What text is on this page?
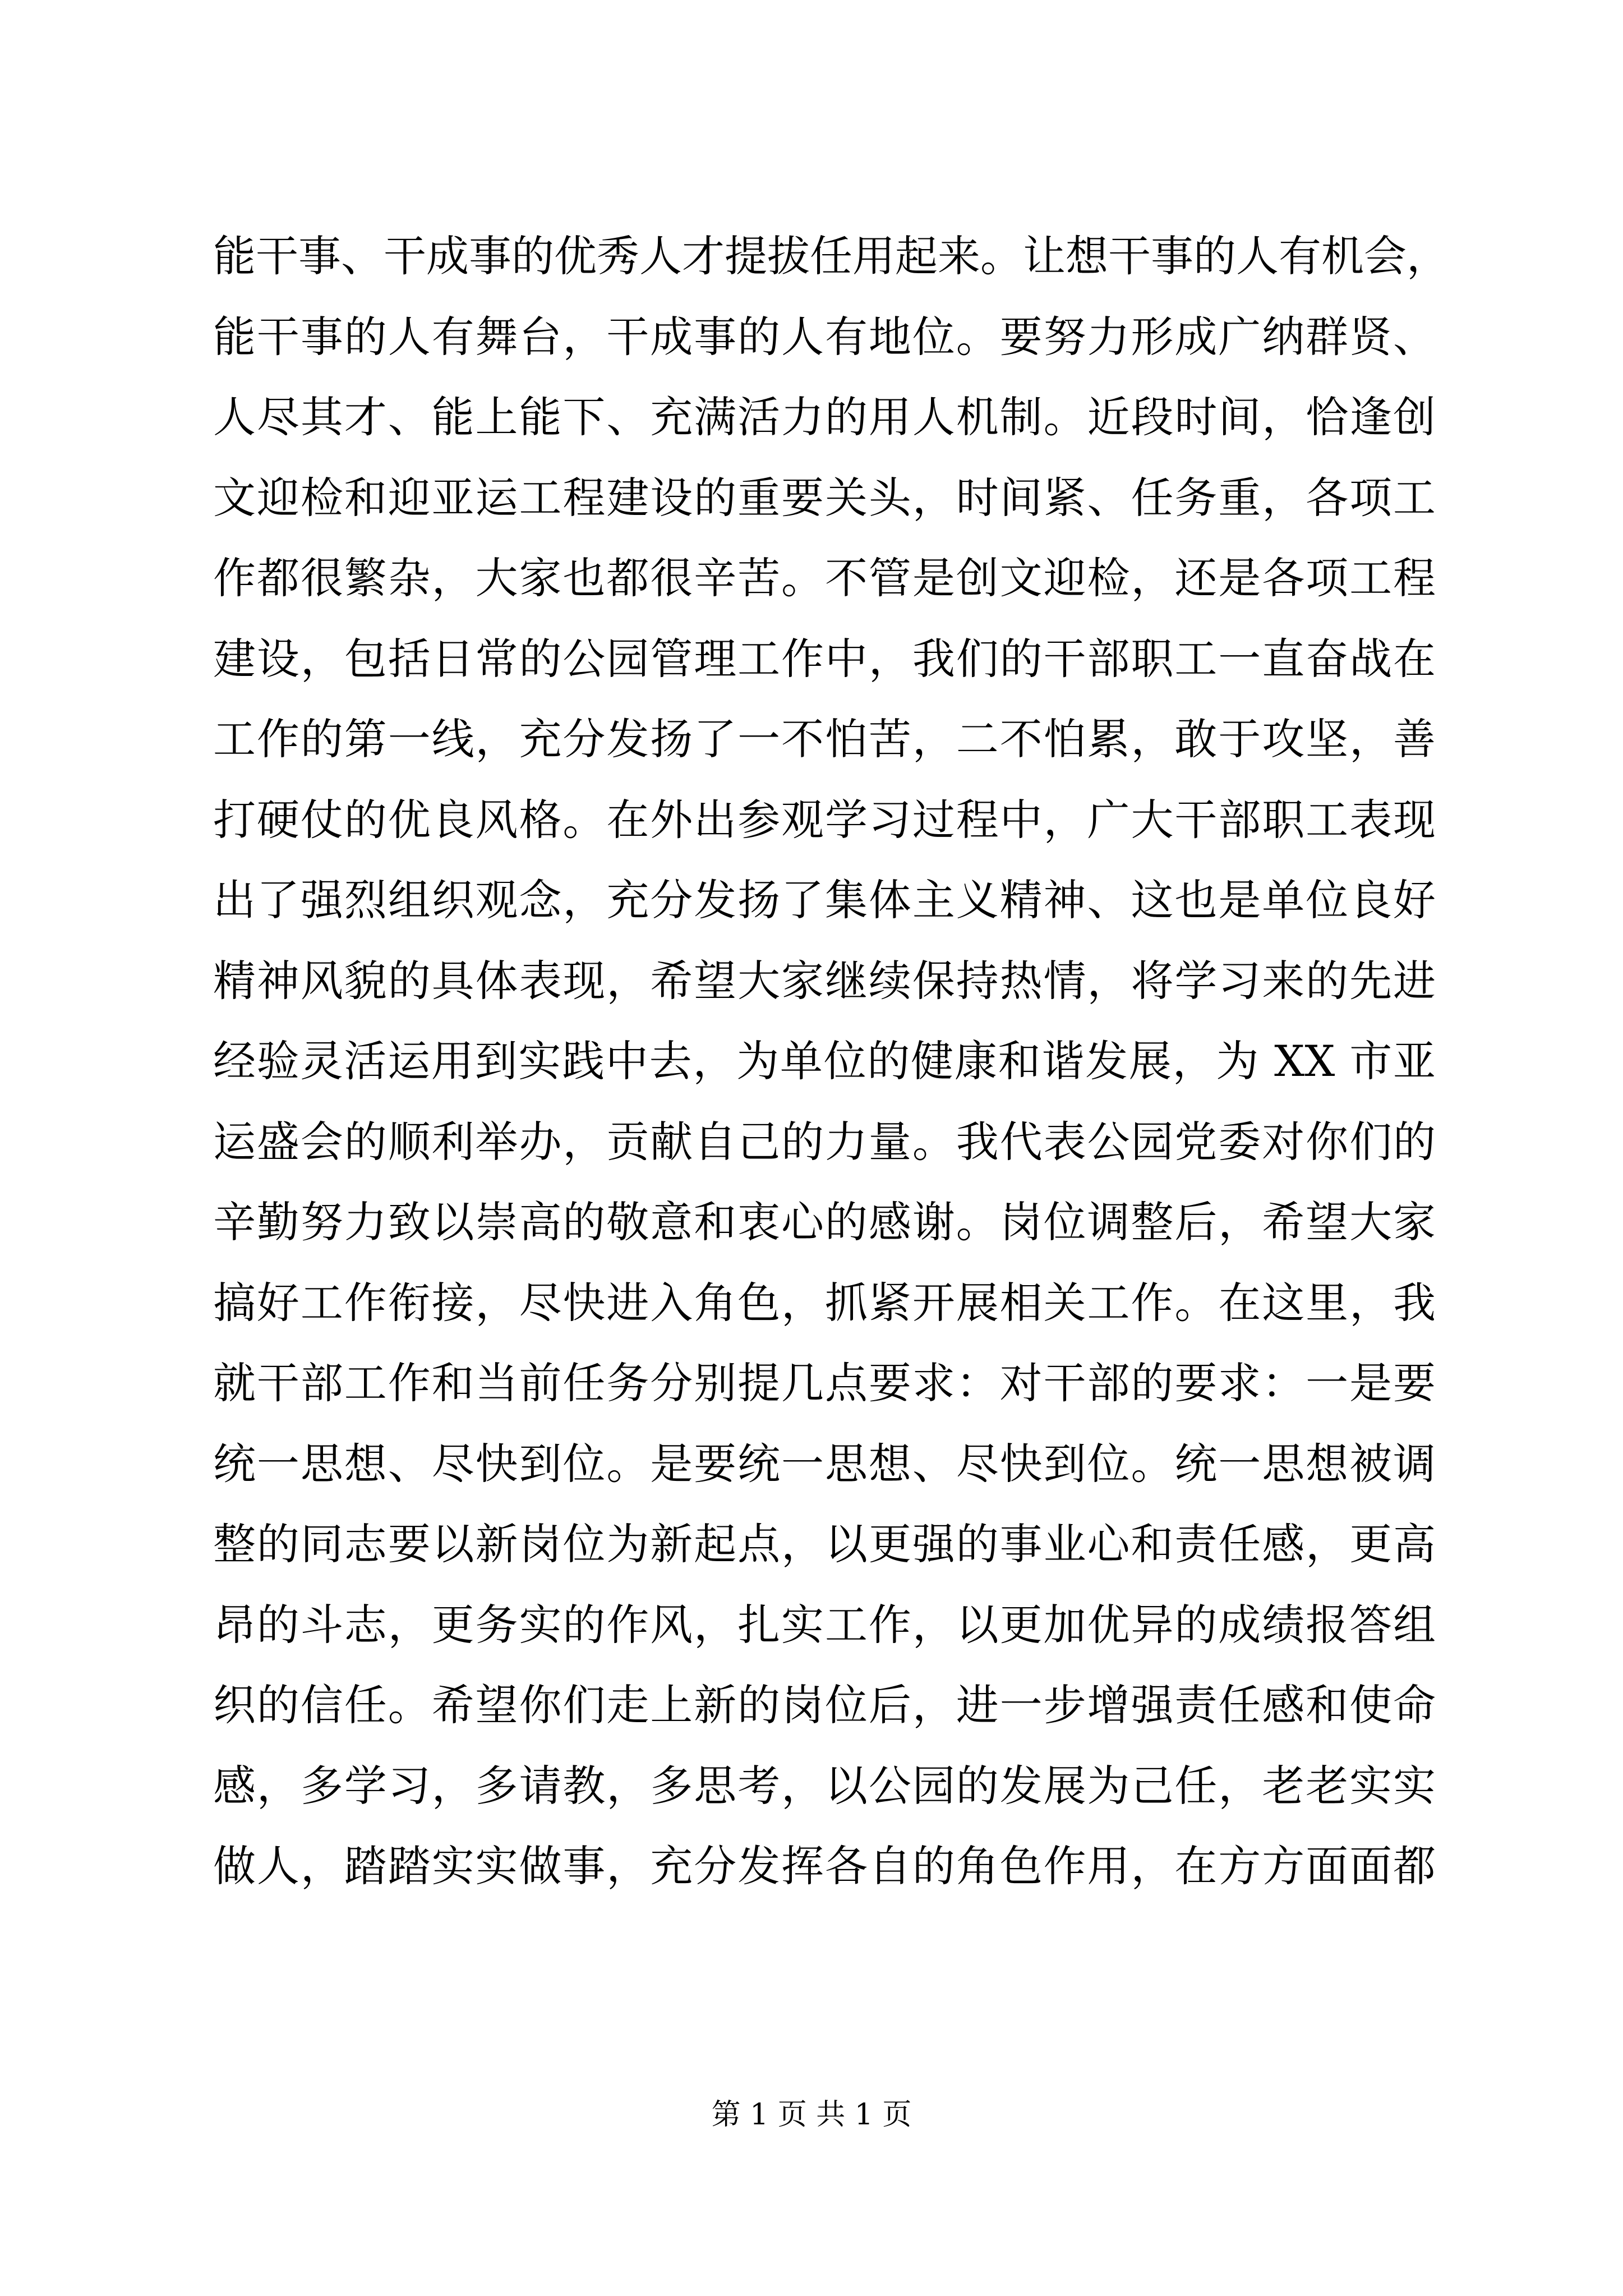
能干事、干成事的优秀人才提拔任用起来。让想干事的人有机会，
能干事的人有舞台，干成事的人有地位。要努力形成广纳群贤、
人尽其才、能上能下、充满活力的用人机制。近段时间，恰逢创
文迎检和迎亚运工程建设的重要关头，时间紧、任务重，各项工
作都很繁杂，大家也都很辛苦。不管是创文迎检，还是各项工程
建设，包括日常的公园管理工作中，我们的干部职工一直奋战在
工作的第一线，充分发扬了一不怕苦，二不怕累，敢于攻坚，善
打硬仗的优良风格。在外出参观学习过程中，广大干部职工表现
出了强烈组织观念，充分发扬了集体主义精神、这也是单位良好
精神风貌的具体表现，希望大家继续保持热情，将学习来的先进
经验灵活运用到实践中去，为单位的健康和谐发展，为 XX 市亚
运盛会的顺利举办，贡献自己的力量。我代表公园党委对你们的
辛勤努力致以崇高的敬意和衷心的感谢。岗位调整后，希望大家
搞好工作衔接，尽快进入角色，抓紧开展相关工作。在这里，我
就干部工作和当前任务分别提几点要求：对干部的要求：一是要
统一思想、尽快到位。是要统一思想、尽快到位。统一思想被调
整的同志要以新岗位为新起点，以更强的事业心和责任感，更高
昂的斗志，更务实的作风，扎实工作，以更加优异的成绩报答组
织的信任。希望你们走上新的岗位后，进一步增强责任感和使命
感，多学习，多请教，多思考，以公园的发展为己任，老老实实
做人，踏踏实实做事，充分发挥各自的角色作用，在方方面面都
第 1 页 共 1 页
